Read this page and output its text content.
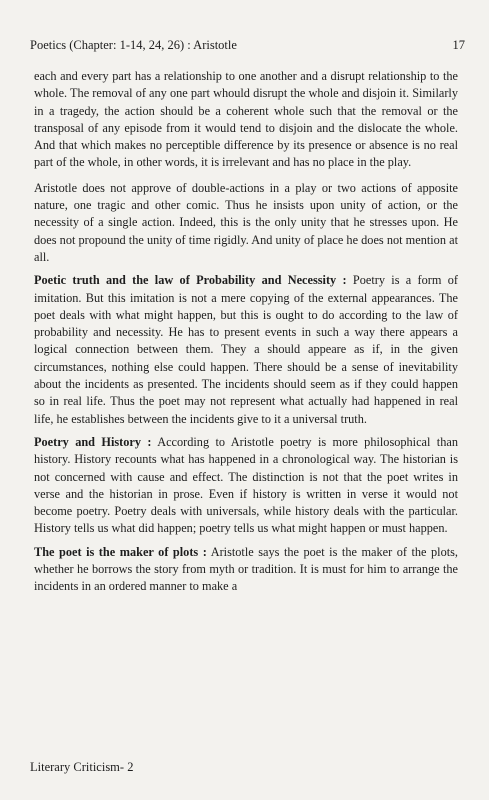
Poetics (Chapter: 1-14, 24, 26) : Aristotle	17

each and every part has a relationship to one another and a disrupt relationship to the whole. The removal of any one part whould disrupt the whole and disjoin it. Similarly in a tragedy, the action should be a coherent whole such that the removal or the transposal of any episode from it would tend to disjoin and the dislocate the whole. And that which makes no perceptible difference by its presence or absence is no real part of the whole, in other words, it is irrelevant and has no place in the play.

Aristotle does not approve of double-actions in a play or two actions of apposite nature, one tragic and other comic. Thus he insists upon unity of action, or the necessity of a single action. Indeed, this is the only unity that he stresses upon. He does not propound the unity of time rigidly. And unity of place he does not mention at all.

Poetic truth and the law of Probability and Necessity : Poetry is a form of imitation. But this imitation is not a mere copying of the external appearances. The poet deals with what might happen, but this is ought to do according to the law of probability and necessity. He has to present events in such a way there appears a logical connection between them. They a should appeare as if, in the given circumstances, nothing else could happen. There should be a sense of inevitability about the incidents as presented. The incidents should seem as if they could happen so in real life. Thus the poet may not represent what actually had happened in real life, he establishes between the incidents give to it a universal truth.

Poetry and History : According to Aristotle poetry is more philosophical than history. History recounts what has happened in a chronological way. The historian is not concerned with cause and effect. The distinction is not that the poet writes in verse and the historian in prose. Even if history is written in verse it would not become poetry. Poetry deals with universals, while history deals with the particular. History tells us what did happen; poetry tells us what might happen or must happen.

The poet is the maker of plots : Aristotle says the poet is the maker of the plots, whether he borrows the story from myth or tradition. It is must for him to arrange the incidents in an ordered manner to make a

Literary Criticism- 2
